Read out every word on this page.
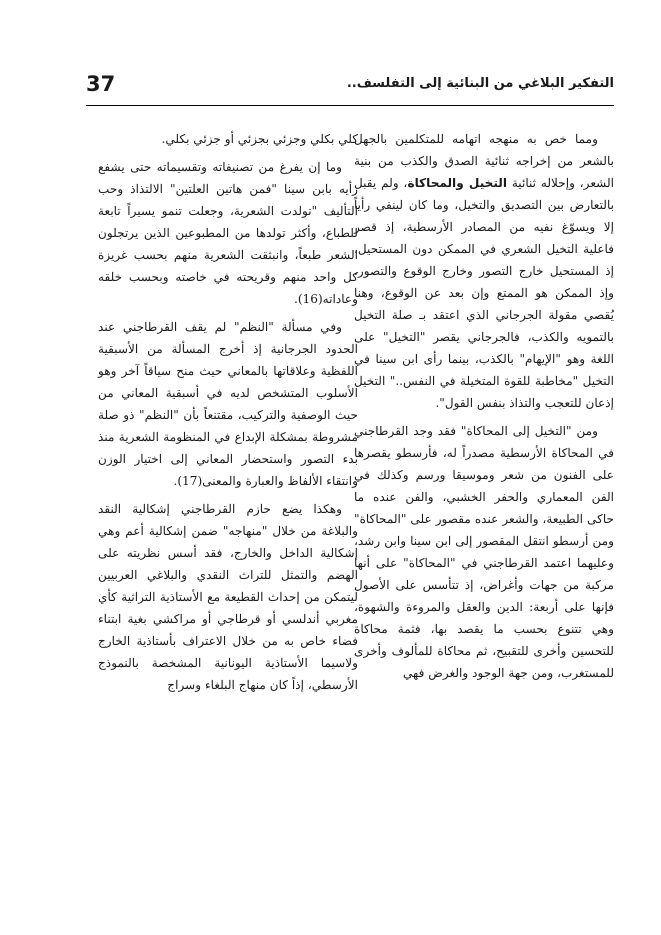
التفكير البلاغي من البنائية إلى التفلسف..
37

ومما خص به منهجه اتهامه للمتكلمين بالجهل بالشعر من إخراجه ثنائية الصدق والكذب من بنية الشعر، وإحلاله ثنائية التخيل والمحاكاة، ولم يقبل بالتعارض بين التصديق والتخيل، وما كان لينفي رأياً إلا ويسوّغ نفيه من المصادر الأرسطية، إذ قصر فاعلية التخيل الشعري في الممكن دون المستحيل، إذ المستحيل خارج التصور وخارج الوقوع والتصور، وإذ الممكن هو الممتع وإن بعد عن الوقوع، وهنا يُقصي مقولة الجرجاني الذي اعتقد بـ صلة التخيل بالتمويه والكذب، فالجرجاني يقصر "التخيل" على اللغة وهو "الإيهام" بالكذب، بينما رأى ابن سينا في التخيل "مخاطبة للقوة المتخيلة في النفس.." التخيل إذعان للتعجب والتذاذ بنفس القول".

ومن "التخيل إلى المحاكاة" فقد وجد القرطاجني في المحاكاة الأرسطية مصدراً له، فأرسطو يقصرها على الفنون من شعر وموسيقا ورسم وكذلك في الفن المعماري والحفر الخشبي، والفن عنده ما حاكى الطبيعة، والشعر عنده مقصور على "المحاكاة" ومن أرسطو انتقل المقصور إلى ابن سينا وابن رشد، وعليهما اعتمد القرطاجني في "المحاكاة" على أنها مركبة من جهات وأغراض، إذ تتأسس على الأصول فإنها على أربعة: الدين والعقل والمروءة والشهوة، وهي تتنوع بحسب ما يقصد بها، فثمة محاكاة للتحسين وأخرى للتقبيح، ثم محاكاة للمألوف وأخرى للمستغرب، ومن جهة الوجود والغرض فهي

كلي بكلي وجزئي بجزئي أو جزئي بكلي.

وما إن يفرغ من تصنيفاته وتقسيماته حتى يشفع رأيه بابن سينا "فمن هاتين العلتين" الالتذاذ وحب التأليف "تولدت الشعرية، وجعلت تنمو يسيراً تابعة للطباع، وأكثر تولدها من المطبوعين الذين يرتجلون الشعر طبعاً، وانبثقت الشعرية منهم بحسب غريزة كل واحد منهم وقريحته في خاصته وبحسب خلقه وعاداته(16).

وفي مسألة "النظم" لم يقف القرطاجني عند الحدود الجرجانية إذ أخرج المسألة من الأسبقية اللفظية وعلاقاتها بالمعاني حيث منح سياقاً آخر وهو الأسلوب المتشخص لديه في أسبقية المعاني من حيث الوصفية والتركيب، مقتنعاً بأن "النظم" ذو صلة مشروطة بمشكلة الإبداع في المنظومة الشعرية منذ بدء التصور واستحضار المعاني إلى اختيار الوزن وانتقاء الألفاظ والعبارة والمعنى(17).

وهكذا يضع حازم القرطاجني إشكالية النقد والبلاغة من خلال "منهاجه" ضمن إشكالية أعم وهي إشكالية الداخل والخارج، فقد أسس نظريته على الهضم والتمثل للتراث النقدي والبلاغي العربيين ليتمكن من إحداث القطيعة مع الأستاذية التراثية كأي مغربي أندلسي أو قرطاجي أو مراكشي بغية ابتناء فضاء خاص به من خلال الاعتراف بأستاذية الخارج ولاسيما الأستاذية اليونانية المشخصة بالنموذج الأرسطي، إذاً كان منهاج البلغاء وسراج
